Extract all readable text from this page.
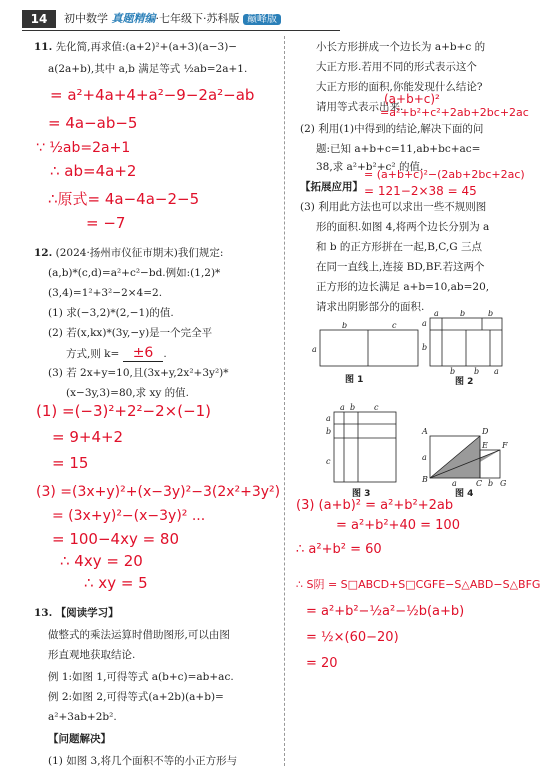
14	初中数学 真题精编·七年级下·苏科版 巅峰版
11. 先化简,再求值:(a+2)²+(a+3)(a−3)−
a(2a+b),其中 a,b 满足等式 ½ab=2a+1.
= a²+4a+4+a²−9−2a²−ab
= 4a−ab−5
∵ ½ab=2a+1
∴ ab=4a+2
∴原式= 4a−4a−2−5
= −7
12. (2024·扬州市仪征市期末)我们规定:
(a,b)*(c,d)=a²+c²−bd.例如:(1,2)*
(3,4)=1²+3²−2×4=2.
(1) 求(−3,2)*(2,−1)的值.
(2) 若(x,kx)*(3y,−y)是一个完全平
方式,则 k= ±6 .
(3) 若 2x+y=10,且(3x+y,2x²+3y²)*
(x−3y,3)=80,求 xy 的值.
(1) =(−3)²+2²−2×(−1)
= 9+4+2
= 15
(3) =(3x+y)²+(x−3y)²−3(2x²+3y²)
= (3x+y)²−(x−3y)² ...
= 100−4xy = 80
∴ 4xy = 20
∴ xy = 5
13. 【阅读学习】
做整式的乘法运算时借助图形,可以由图
形直观地获取结论.
例 1:如图 1,可得等式 a(b+c)=ab+ac.
例 2:如图 2,可得等式(a+2b)(a+b)=
a²+3ab+2b².
【问题解决】
(1) 如图 3,将几个面积不等的小正方形与
小长方形拼成一个边长为 a+b+c 的
大正方形.若用不同的形式表示这个
大正方形的面积,你能发现什么结论?
请用等式表示出来.
(a+b+c)²
=a²+b²+c²+2ab+2bc+2ac
(2) 利用(1)中得到的结论,解决下面的问
题:已知 a+b+c=11,ab+bc+ac=
38,求 a²+b²+c² 的值.
【拓展应用】
= (a+b+c)²−(2ab+2bc+2ac)
= 121−2×38 = 45
(3) 利用此方法也可以求出一些不规则图
形的面积.如图 4,将两个边长分别为 a
和 b 的正方形拼在一起,B,C,G 三点
在同一直线上,连接 BD,BF.若这两个
正方形的边长满足 a+b=10,ab=20,
请求出阴影部分的面积.
a
b	c
图 1
a	b	b
a
b
b b a
图 2
a b c
a
b
c
图 3
A	D
E F
B	C G
a
a	b
图 4
(3) (a+b)² = a²+b²+2ab
= a²+b²+40 = 100
∴ a²+b² = 60
∴ S阴 = S□ABCD+S□CGFE−S△ABD−S△BFG
= a²+b²−½a²−½b(a+b)
= ½×(60−20)
= 20
